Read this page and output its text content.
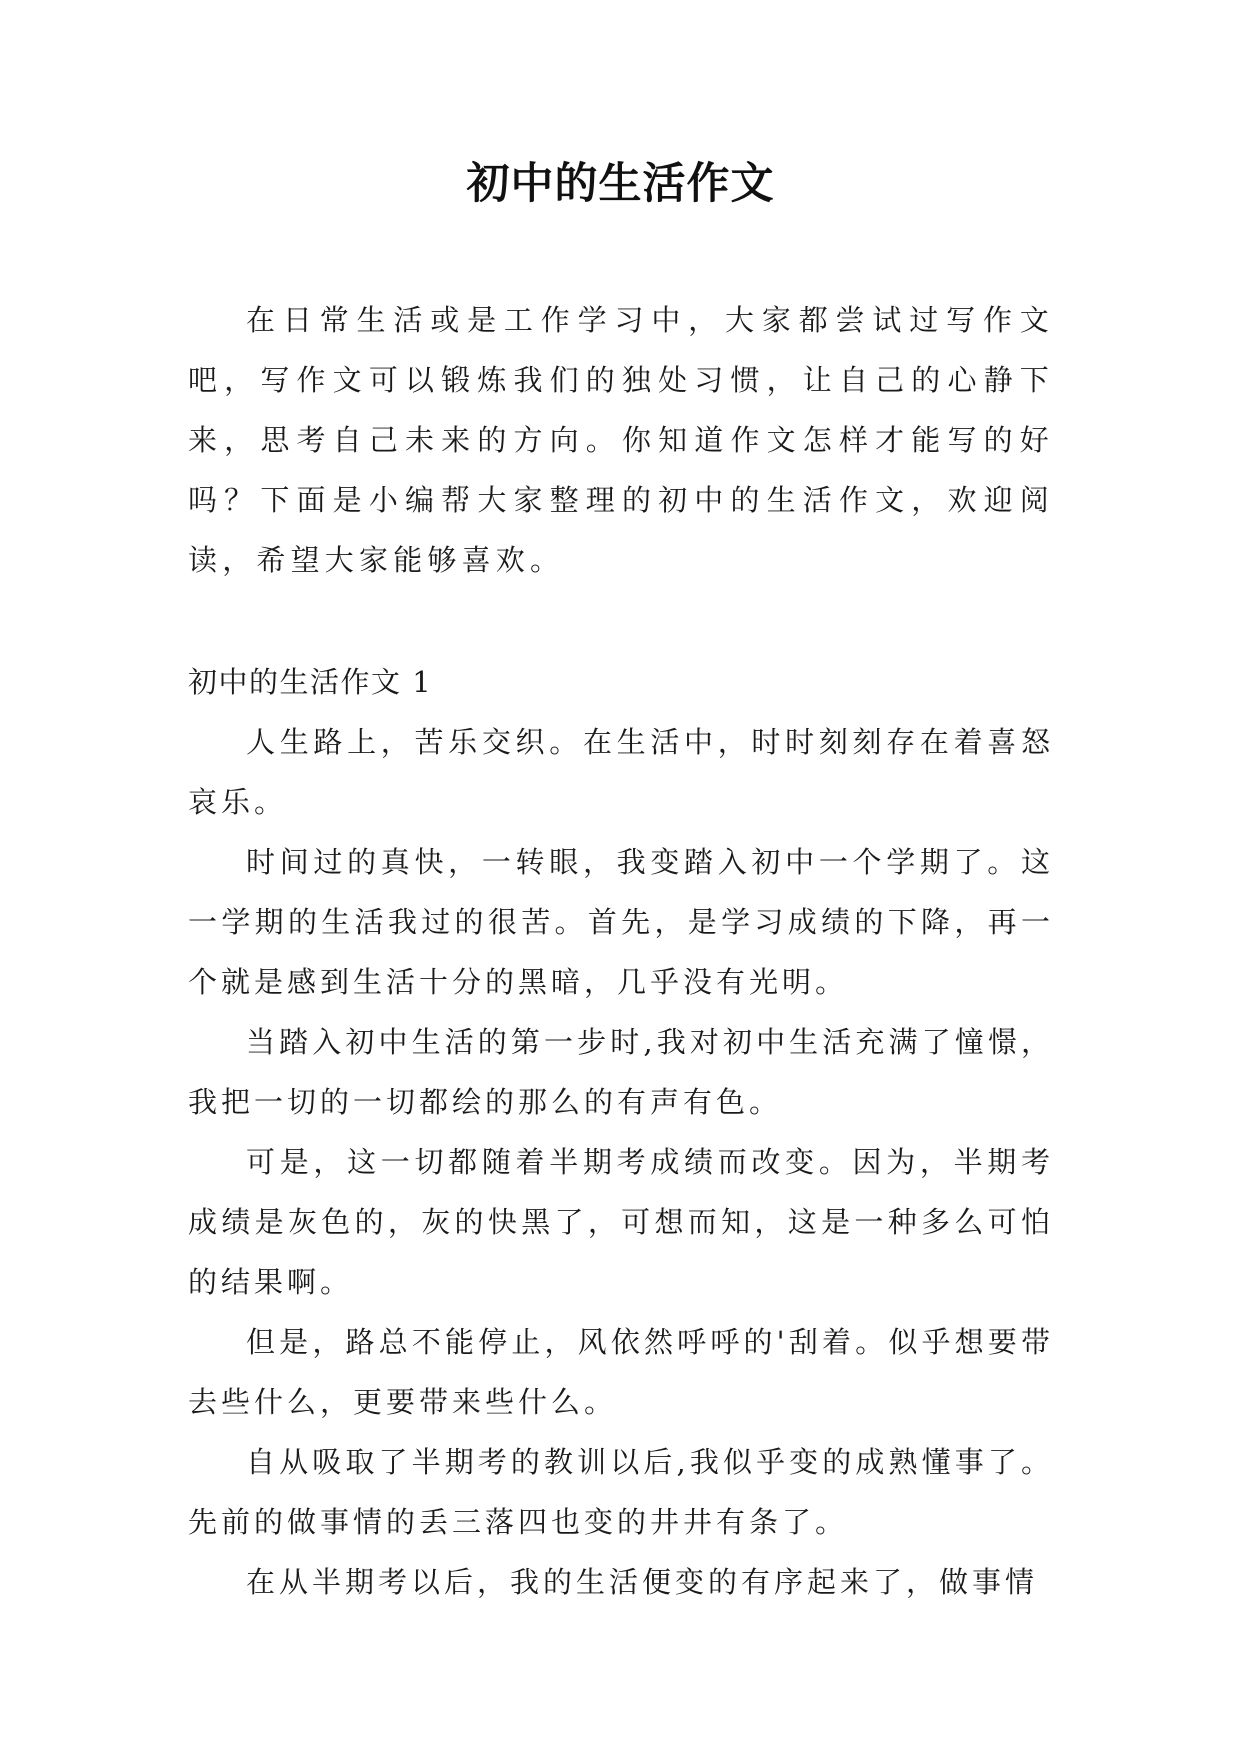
初中的生活作文

在日常生活或是工作学习中，大家都尝试过写作文吧，写作文可以锻炼我们的独处习惯，让自己的心静下来，思考自己未来的方向。你知道作文怎样才能写的好吗？下面是小编帮大家整理的初中的生活作文，欢迎阅读，希望大家能够喜欢。

初中的生活作文 1

人生路上，苦乐交织。在生活中，时时刻刻存在着喜怒哀乐。

时间过的真快，一转眼，我变踏入初中一个学期了。这一学期的生活我过的很苦。首先，是学习成绩的下降，再一个就是感到生活十分的黑暗，几乎没有光明。

当踏入初中生活的第一步时,我对初中生活充满了憧憬，我把一切的一切都绘的那么的有声有色。

可是，这一切都随着半期考成绩而改变。因为，半期考成绩是灰色的，灰的快黑了，可想而知，这是一种多么可怕的结果啊。

但是，路总不能停止，风依然呼呼的'刮着。似乎想要带去些什么，更要带来些什么。

自从吸取了半期考的教训以后,我似乎变的成熟懂事了。先前的做事情的丢三落四也变的井井有条了。

在从半期考以后，我的生活便变的有序起来了，做事情
